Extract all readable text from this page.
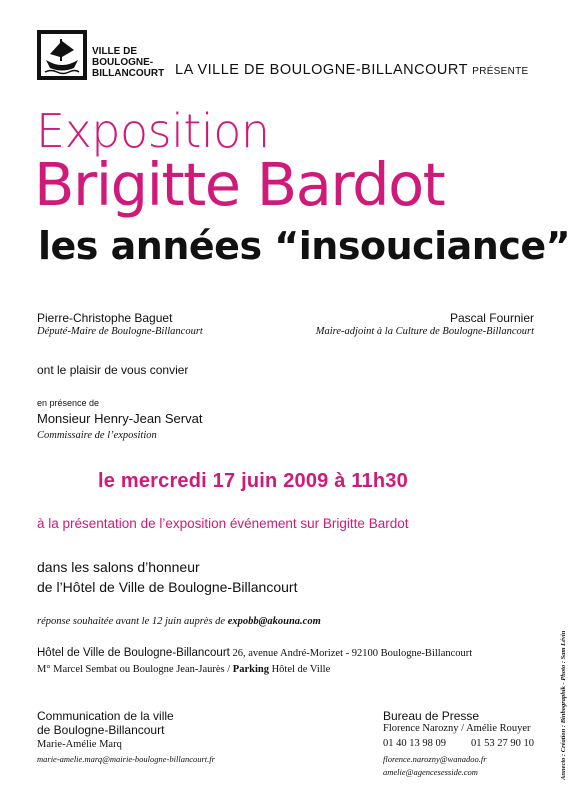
VILLE DE
BOULOGNE-
BILLANCOURT LA VILLE DE BOULOGNE-BILLANCOURT PRÉSENTE
Exposition
Brigitte Bardot
les années “insouciance”
Pierre-Christophe Baguet
Député-Maire de Boulogne-Billancourt
Pascal Fournier
Maire-adjoint à la Culture de Boulogne-Billancourt
ont le plaisir de vous convier
en présence de
Monsieur Henry-Jean Servat
Commissaire de l’exposition
le mercredi 17 juin 2009 à 11h30
à la présentation de l’exposition événement sur Brigitte Bardot
dans les salons d’honneur
de l’Hôtel de Ville de Boulogne-Billancourt
réponse souhaitée avant le 12 juin auprès de expobb@akouna.com
Hôtel de Ville de Boulogne-Billancourt 26, avenue André-Morizet - 92100 Boulogne-Billancourt
M° Marcel Sembat ou Boulogne Jean-Jaurès / Parking Hôtel de Ville
Communication de la ville
de Boulogne-Billancourt
Marie-Amélie Marq
marie-amelie.marq@mairie-boulogne-billancourt.fr
Bureau de Presse
Florence Narozny / Amélie Rouyer
01 40 13 98 09 01 53 27 90 10
florence.narozny@wanadoo.fr
amelie@agencesesside.com	Annecto : Création : Binbographik - Photo : Sam Lévin
